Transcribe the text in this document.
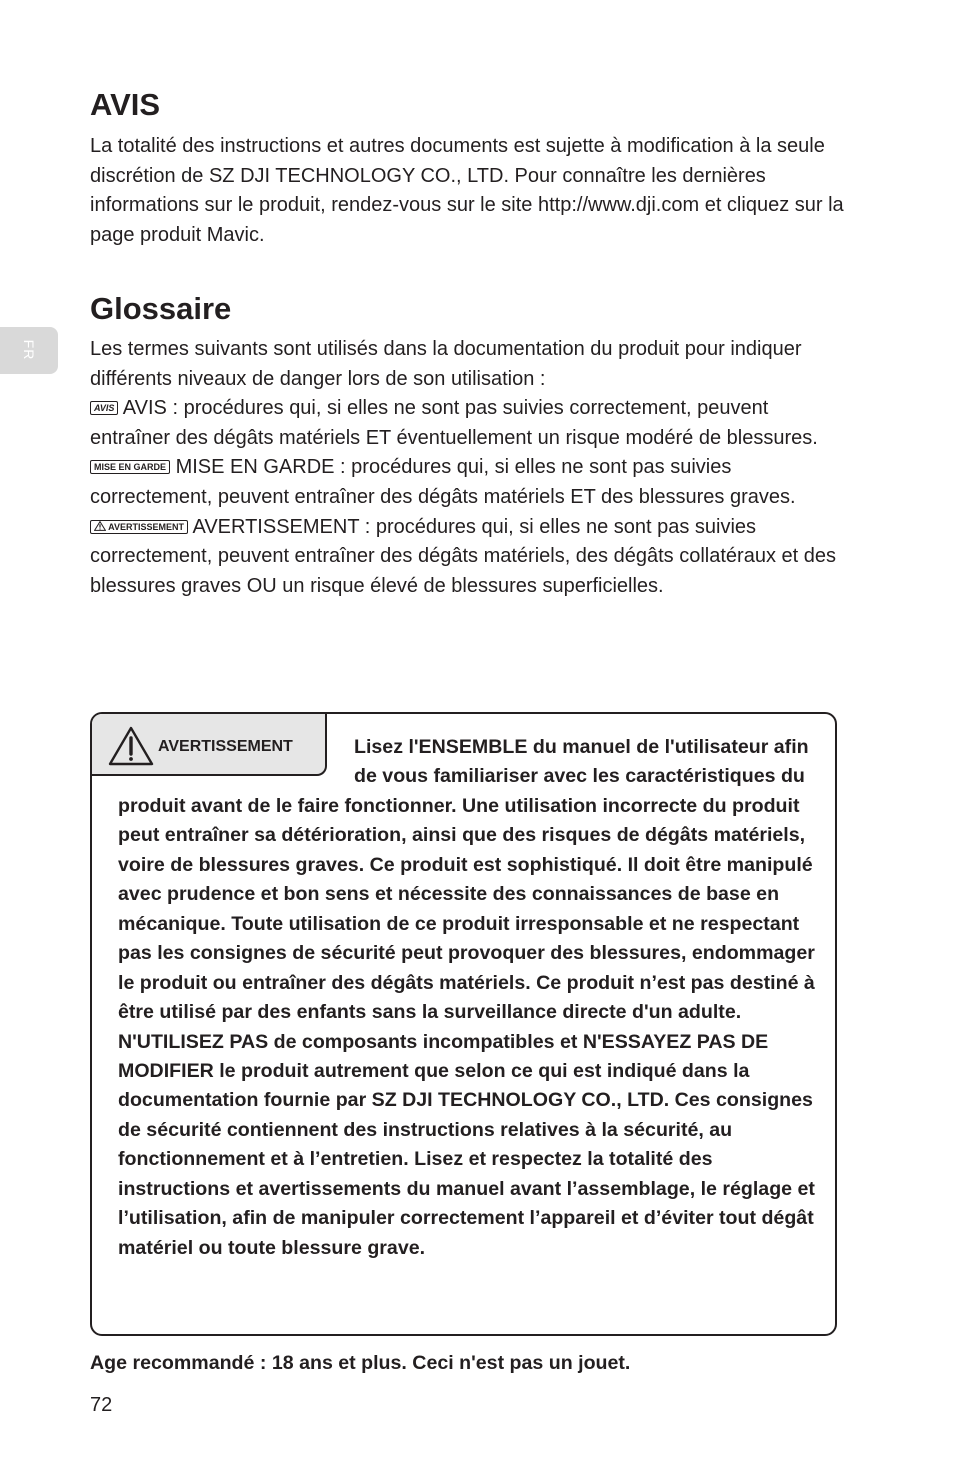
FR
AVIS

La totalité des instructions et autres documents est sujette à modification à la seule discrétion de SZ DJI TECHNOLOGY CO., LTD. Pour connaître les dernières informations sur le produit, rendez-vous sur le site http://www.dji.com et cliquez sur la page produit Mavic.

Glossaire

Les termes suivants sont utilisés dans la documentation du produit pour indiquer différents niveaux de danger lors de son utilisation :

AVIS AVIS : procédures qui, si elles ne sont pas suivies correctement, peuvent entraîner des dégâts matériels ET éventuellement un risque modéré de blessures.

MISE EN GARDE MISE EN GARDE : procédures qui, si elles ne sont pas suivies correctement, peuvent entraîner des dégâts matériels ET des blessures graves.

AVERTISSEMENT AVERTISSEMENT : procédures qui, si elles ne sont pas suivies correctement, peuvent entraîner des dégâts matériels, des dégâts collatéraux et des blessures graves OU un risque élevé de blessures superficielles.

AVERTISSEMENT	Lisez l'ENSEMBLE du manuel de l'utilisateur afin de vous familiariser avec les caractéristiques du produit avant de le faire fonctionner. Une utilisation incorrecte du produit peut entraîner sa détérioration, ainsi que des risques de dégâts matériels, voire de blessures graves. Ce produit est sophistiqué. Il doit être manipulé avec prudence et bon sens et nécessite des connaissances de base en mécanique. Toute utilisation de ce produit irresponsable et ne respectant pas les consignes de sécurité peut provoquer des blessures, endommager le produit ou entraîner des dégâts matériels. Ce produit n’est pas destiné à être utilisé par des enfants sans la surveillance directe d'un adulte. N'UTILISEZ PAS de composants incompatibles et N'ESSAYEZ PAS DE MODIFIER le produit autrement que selon ce qui est indiqué dans la documentation fournie par SZ DJI TECHNOLOGY CO., LTD. Ces consignes de sécurité contiennent des instructions relatives à la sécurité, au fonctionnement et à l’entretien. Lisez et respectez la totalité des instructions et avertissements du manuel avant l’assemblage, le réglage et l’utilisation, afin de manipuler correctement l’appareil et d’éviter tout dégât matériel ou toute blessure grave.
Age recommandé : 18 ans et plus. Ceci n'est pas un jouet.
72
